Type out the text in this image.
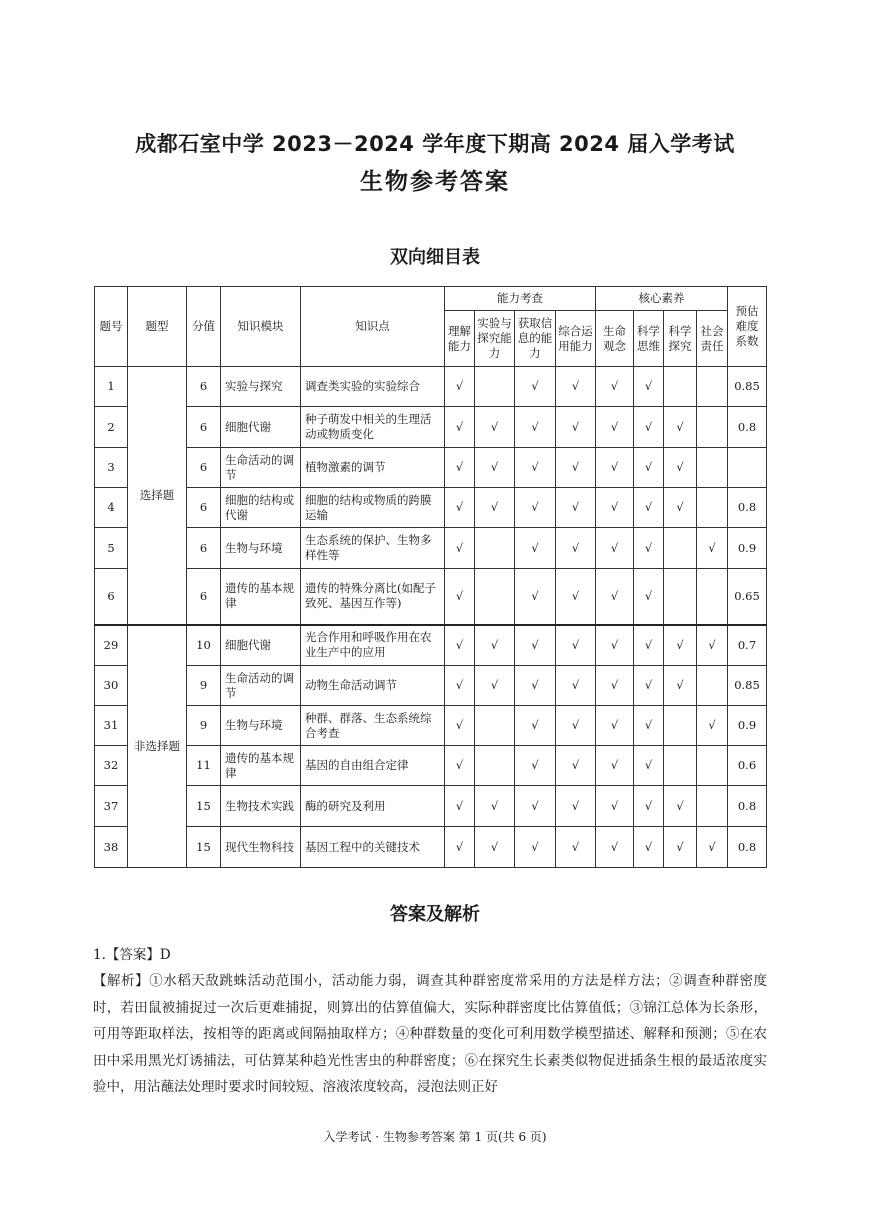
成都石室中学 2023－2024 学年度下期高 2024 届入学考试
生物参考答案
双向细目表
题号	题型	分值	知识模块	知识点	能力考查				核心素养				预估难度系数
					理解能力	实验与探究能力	获取信息的能力	综合运用能力	生命观念	科学思维	科学探究	社会责任	
1	选择题	6	实验与探究	调查类实验的实验综合	√		√	√	√	√			0.85
2		6	细胞代谢	种子萌发中相关的生理活动或物质变化	√	√	√	√	√	√	√		0.8
3		6	生命活动的调节	植物激素的调节	√	√	√	√	√	√	√		
4		6	细胞的结构或代谢	细胞的结构或物质的跨膜运输	√	√	√	√	√	√	√		0.8
5		6	生物与环境	生态系统的保护、生物多样性等	√		√	√	√	√		√	0.9
6		6	遗传的基本规律	遗传的特殊分离比(如配子致死、基因互作等)	√		√	√	√	√			0.65
29	非选择题	10	细胞代谢	光合作用和呼吸作用在农业生产中的应用	√	√	√	√	√	√	√	√	0.7
30		9	生命活动的调节	动物生命活动调节	√	√	√	√	√	√	√		0.85
31		9	生物与环境	种群、群落、生态系统综合考查	√		√	√	√	√		√	0.9
32		11	遗传的基本规律	基因的自由组合定律	√		√	√	√	√			0.6
37		15	生物技术实践	酶的研究及利用	√	√	√	√	√	√	√		0.8
38		15	现代生物科技	基因工程中的关键技术	√	√	√	√	√	√	√	√	0.8
答案及解析
1.【答案】D
【解析】①水稻天敌跳蛛活动范围小，活动能力弱，调查其种群密度常采用的方法是样方法；②调查种群密度时，若田鼠被捕捉过一次后更难捕捉，则算出的估算值偏大，实际种群密度比估算值低；③锦江总体为长条形，可用等距取样法，按相等的距离或间隔抽取样方；④种群数量的变化可利用数学模型描述、解释和预测；⑤在农田中采用黑光灯诱捕法，可估算某种趋光性害虫的种群密度；⑥在探究生长素类似物促进插条生根的最适浓度实验中，用沾蘸法处理时要求时间较短、溶液浓度较高，浸泡法则正好
入学考试 · 生物参考答案 第 1 页(共 6 页)
